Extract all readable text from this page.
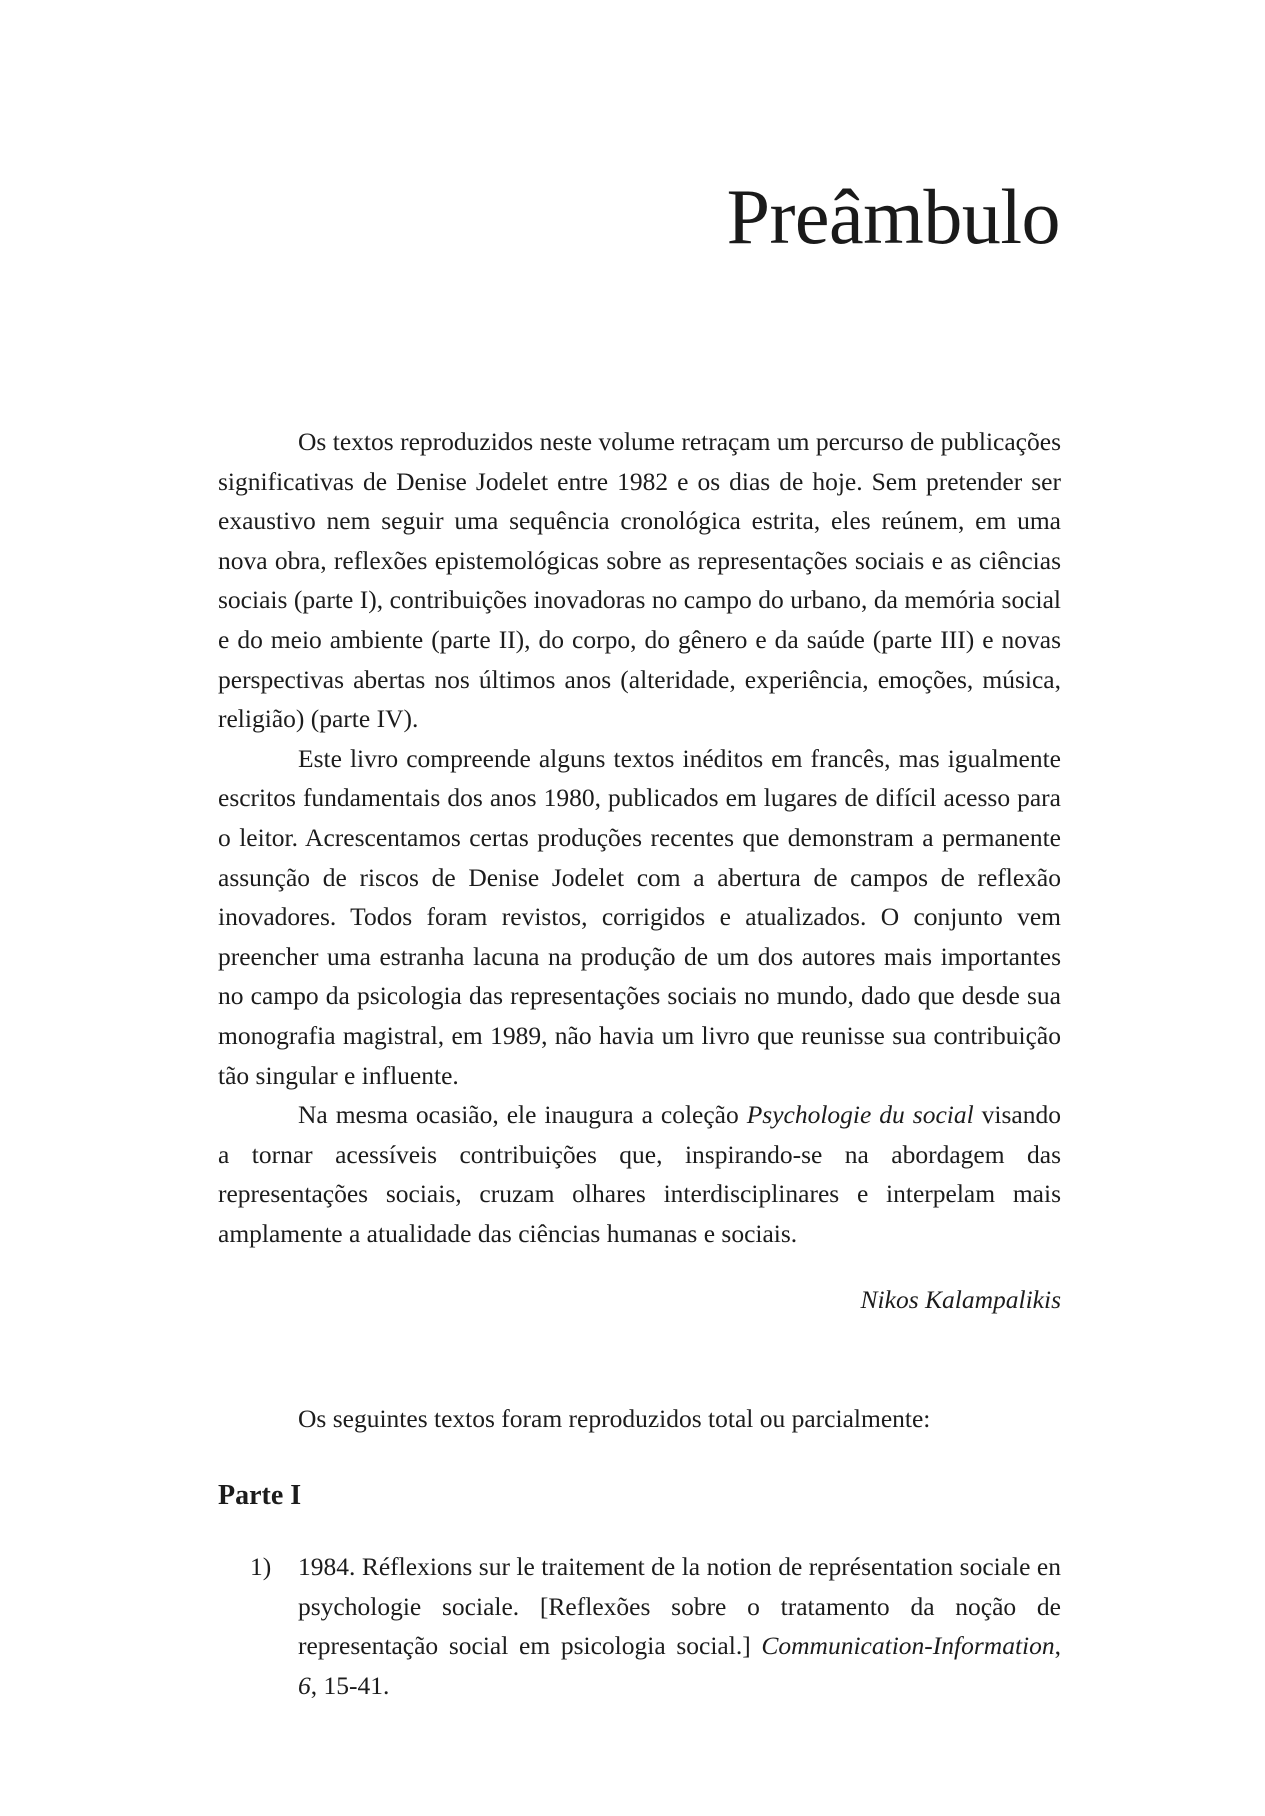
Preâmbulo

Os textos reproduzidos neste volume retraçam um percurso de publicações significativas de Denise Jodelet entre 1982 e os dias de hoje. Sem pretender ser exaustivo nem seguir uma sequência cronológica estrita, eles reúnem, em uma nova obra, reflexões epistemológicas sobre as representações sociais e as ciências sociais (parte I), contribuições inovadoras no campo do urbano, da memória social e do meio ambiente (parte II), do corpo, do gênero e da saúde (parte III) e novas perspectivas abertas nos últimos anos (alteridade, experiência, emoções, música, religião) (parte IV).

Este livro compreende alguns textos inéditos em francês, mas igualmente escritos fundamentais dos anos 1980, publicados em lugares de difícil acesso para o leitor. Acrescentamos certas produções recentes que demonstram a permanente assunção de riscos de Denise Jodelet com a abertura de campos de reflexão inovadores. Todos foram revistos, corrigidos e atualizados. O conjunto vem preencher uma estranha lacuna na produção de um dos autores mais importantes no campo da psicologia das representações sociais no mundo, dado que desde sua monografia magistral, em 1989, não havia um livro que reunisse sua contribuição tão singular e influente.

Na mesma ocasião, ele inaugura a coleção Psychologie du social visando a tornar acessíveis contribuições que, inspirando-se na abordagem das representações sociais, cruzam olhares interdisciplinares e interpelam mais amplamente a atualidade das ciências humanas e sociais.

Nikos Kalampalikis
Os seguintes textos foram reproduzidos total ou parcialmente:
Parte I
1)	1984. Réflexions sur le traitement de la notion de représentation sociale en psychologie sociale. [Reflexões sobre o tratamento da noção de representação social em psicologia social.] Communication-Information, 6, 15-41.
